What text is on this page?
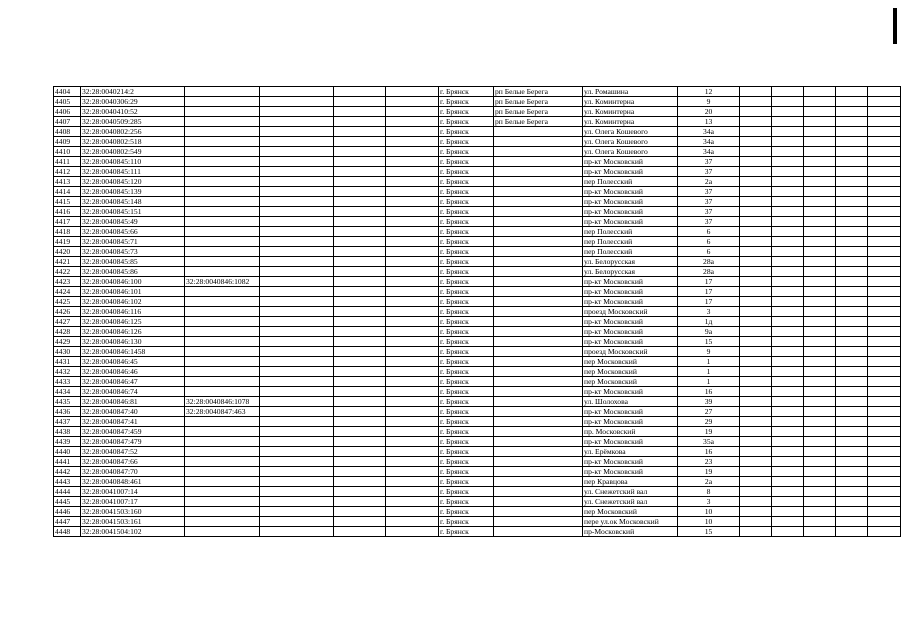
4404	32:28:0040214:2					г. Брянск	рп Белые Берега	ул. Ромашина	12					
4405	32:28:0040306:29					г. Брянск	рп Белые Берега	ул. Коминтерна	9					
4406	32:28:0040410:52					г. Брянск	рп Белые Берега	ул. Коминтерна	20					
4407	32:28:0040509:285					г. Брянск	рп Белые Берега	ул. Коминтерна	13					
4408	32:28:0040802:256					г. Брянск		ул. Олега Кошевого	34а					
4409	32:28:0040802:518					г. Брянск		ул. Олега Кошевого	34а					
4410	32:28:0040802:549					г. Брянск		ул. Олега Кошевого	34а					
4411	32:28:0040845:110					г. Брянск		пр-кт Московский	37					
4412	32:28:0040845:111					г. Брянск		пр-кт Московский	37					
4413	32:28:0040845:120					г. Брянск		пер Полесский	2а					
4414	32:28:0040845:139					г. Брянск		пр-кт Московский	37					
4415	32:28:0040845:148					г. Брянск		пр-кт Московский	37					
4416	32:28:0040845:151					г. Брянск		пр-кт Московский	37					
4417	32:28:0040845:49					г. Брянск		пр-кт Московский	37					
4418	32:28:0040845:66					г. Брянск		пер Полесский	6					
4419	32:28:0040845:71					г. Брянск		пер Полесский	6					
4420	32:28:0040845:73					г. Брянск		пер Полесский	6					
4421	32:28:0040845:85					г. Брянск		ул. Белорусская	28а					
4422	32:28:0040845:86					г. Брянск		ул. Белорусская	28а					
4423	32:28:0040846:100	32:28:0040846:1082				г. Брянск		пр-кт Московский	17					
4424	32:28:0040846:101					г. Брянск		пр-кт Московский	17					
4425	32:28:0040846:102					г. Брянск		пр-кт Московский	17					
4426	32:28:0040846:116					г. Брянск		проезд Московский	3					
4427	32:28:0040846:125					г. Брянск		пр-кт Московский	1д					
4428	32:28:0040846:126					г. Брянск		пр-кт Московский	9а					
4429	32:28:0040846:130					г. Брянск		пр-кт Московский	15					
4430	32:28:0040846:1458					г. Брянск		проезд Московский	9					
4431	32:28:0040846:45					г. Брянск		пер Московский	1					
4432	32:28:0040846:46					г. Брянск		пер Московский	1					
4433	32:28:0040846:47					г. Брянск		пер Московский	1					
4434	32:28:0040846:74					г. Брянск		пр-кт Московский	16					
4435	32:28:0040846:81	32:28:0040846:1078				г. Брянск		ул. Шолохова	39					
4436	32:28:0040847:40	32:28:0040847:463				г. Брянск		пр-кт Московский	27					
4437	32:28:0040847:41					г. Брянск		пр-кт Московский	29					
4438	32:28:0040847:459					г. Брянск		пр. Московский	19					
4439	32:28:0040847:479					г. Брянск		пр-кт Московский	35а					
4440	32:28:0040847:52					г. Брянск		ул. Ерёмкова	16					
4441	32:28:0040847:66					г. Брянск		пр-кт Московский	23					
4442	32:28:0040847:70					г. Брянск		пр-кт Московский	19					
4443	32:28:0040848:461					г. Брянск		пер Кравцова	2а					
4444	32:28:0041007:14					г. Брянск		ул. Снежетский вал	8					
4445	32:28:0041007:17					г. Брянск		ул. Снежетский вал	3					
4446	32:28:0041503:160					г. Брянск		пер Московский	10					
4447	32:28:0041503:161					г. Брянск		пере ул.ок Московский	10					
4448	32:28:0041504:102					г. Брянск		пр-Московский	15					
